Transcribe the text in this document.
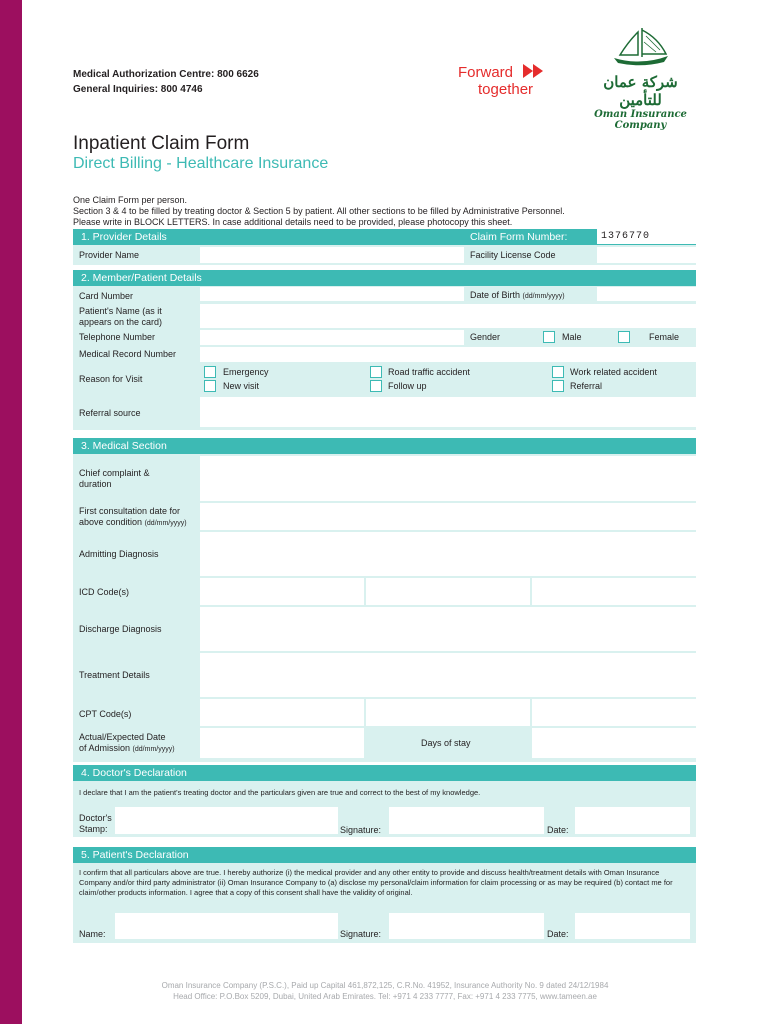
Medical Authorization Centre: 800 6626
General Inquiries: 800 4746
Forward
together	شركة عمان للتأمين
Oman Insurance Company
Inpatient Claim Form
Direct Billing - Healthcare Insurance
One Claim Form per person.
Section 3 & 4 to be filled by treating doctor & Section 5 by patient. All other sections to be filled by Administrative Personnel.
Please write in BLOCK LETTERS. In case additional details need to be provided, please photocopy this sheet.
1. Provider Details	Claim Form Number:	1376770
Provider Name	Facility License Code
2. Member/Patient Details
Card Number	Date of Birth (dd/mm/yyyy)
Patient's Name (as it
appears on the card)
Telephone Number	Gender	Male	Female
Medical Record Number
Reason for Visit
Emergency
New visit
Road traffic accident
Follow up
Work related accident
Referral
Referral source
3. Medical Section
Chief complaint &
duration
First consultation date for
above condition (dd/mm/yyyy)
Admitting Diagnosis
ICD Code(s)
Discharge Diagnosis
Treatment Details
CPT Code(s)
Actual/Expected Date
of Admission (dd/mm/yyyy)
Days of stay
4. Doctor's Declaration
I declare that I am the patient's treating doctor and the particulars given are true and correct to the best of my knowledge.
Doctor's
Stamp:	Signature:	Date:
5. Patient's Declaration
I confirm that all particulars above are true. I hereby authorize (i) the medical provider and any other entity to provide and discuss health/treatment details with Oman Insurance Company and/or third party administrator (ii) Oman Insurance Company to (a) disclose my personal/claim information for claim processing or as may be required (b) contact me for claim/other products information. I agree that a copy of this consent shall have the validity of original.
Name:	Signature:	Date:
Oman Insurance Company (P.S.C.), Paid up Capital 461,872,125, C.R.No. 41952, Insurance Authority No. 9 dated 24/12/1984
Head Office: P.O.Box 5209, Dubai, United Arab Emirates. Tel: +971 4 233 7777, Fax: +971 4 233 7775, www.tameen.ae
